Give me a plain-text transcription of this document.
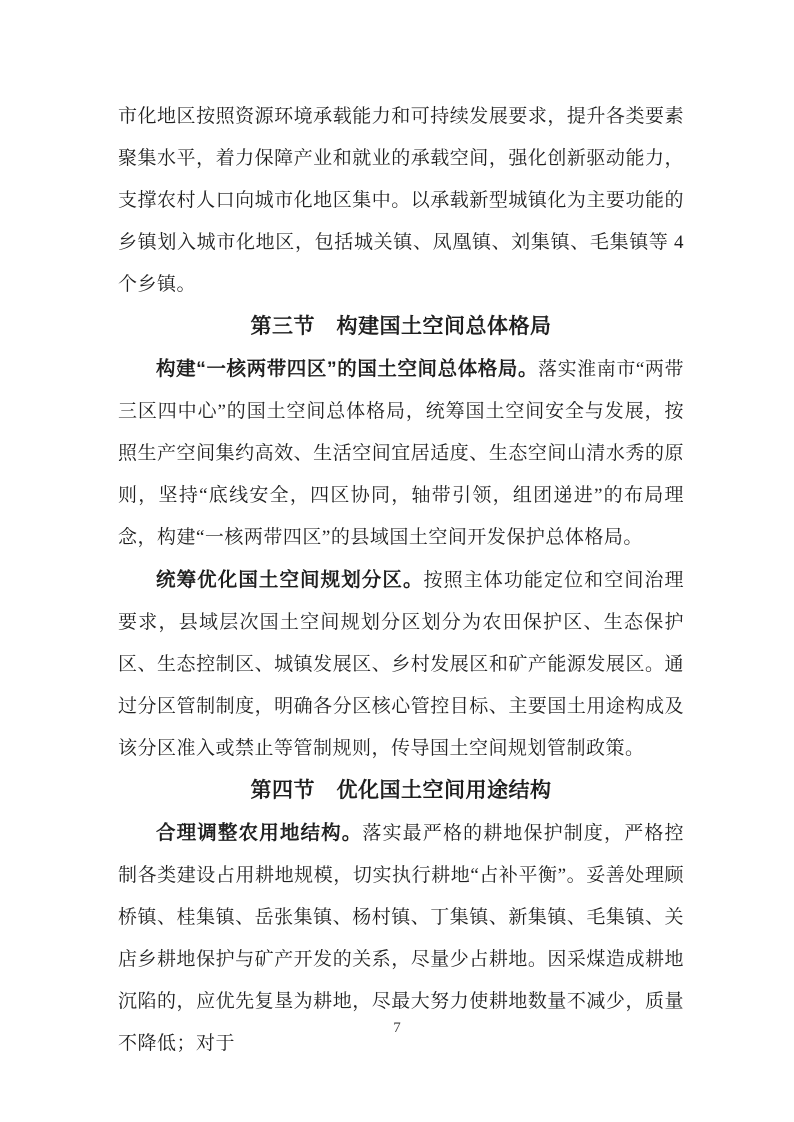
市化地区按照资源环境承载能力和可持续发展要求，提升各类要素聚集水平，着力保障产业和就业的承载空间，强化创新驱动能力，支撑农村人口向城市化地区集中。以承载新型城镇化为主要功能的乡镇划入城市化地区，包括城关镇、凤凰镇、刘集镇、毛集镇等 4 个乡镇。

第三节　构建国土空间总体格局

构建“一核两带四区”的国土空间总体格局。落实淮南市“两带三区四中心”的国土空间总体格局，统筹国土空间安全与发展，按照生产空间集约高效、生活空间宜居适度、生态空间山清水秀的原则，坚持“底线安全，四区协同，轴带引领，组团递进”的布局理念，构建“一核两带四区”的县域国土空间开发保护总体格局。

统筹优化国土空间规划分区。按照主体功能定位和空间治理要求，县域层次国土空间规划分区划分为农田保护区、生态保护区、生态控制区、城镇发展区、乡村发展区和矿产能源发展区。通过分区管制制度，明确各分区核心管控目标、主要国土用途构成及该分区准入或禁止等管制规则，传导国土空间规划管制政策。

第四节　优化国土空间用途结构

合理调整农用地结构。落实最严格的耕地保护制度，严格控制各类建设占用耕地规模，切实执行耕地“占补平衡”。妥善处理顾桥镇、桂集镇、岳张集镇、杨村镇、丁集镇、新集镇、毛集镇、关店乡耕地保护与矿产开发的关系，尽量少占耕地。因采煤造成耕地沉陷的，应优先复垦为耕地，尽最大努力使耕地数量不减少，质量不降低；对于

7
